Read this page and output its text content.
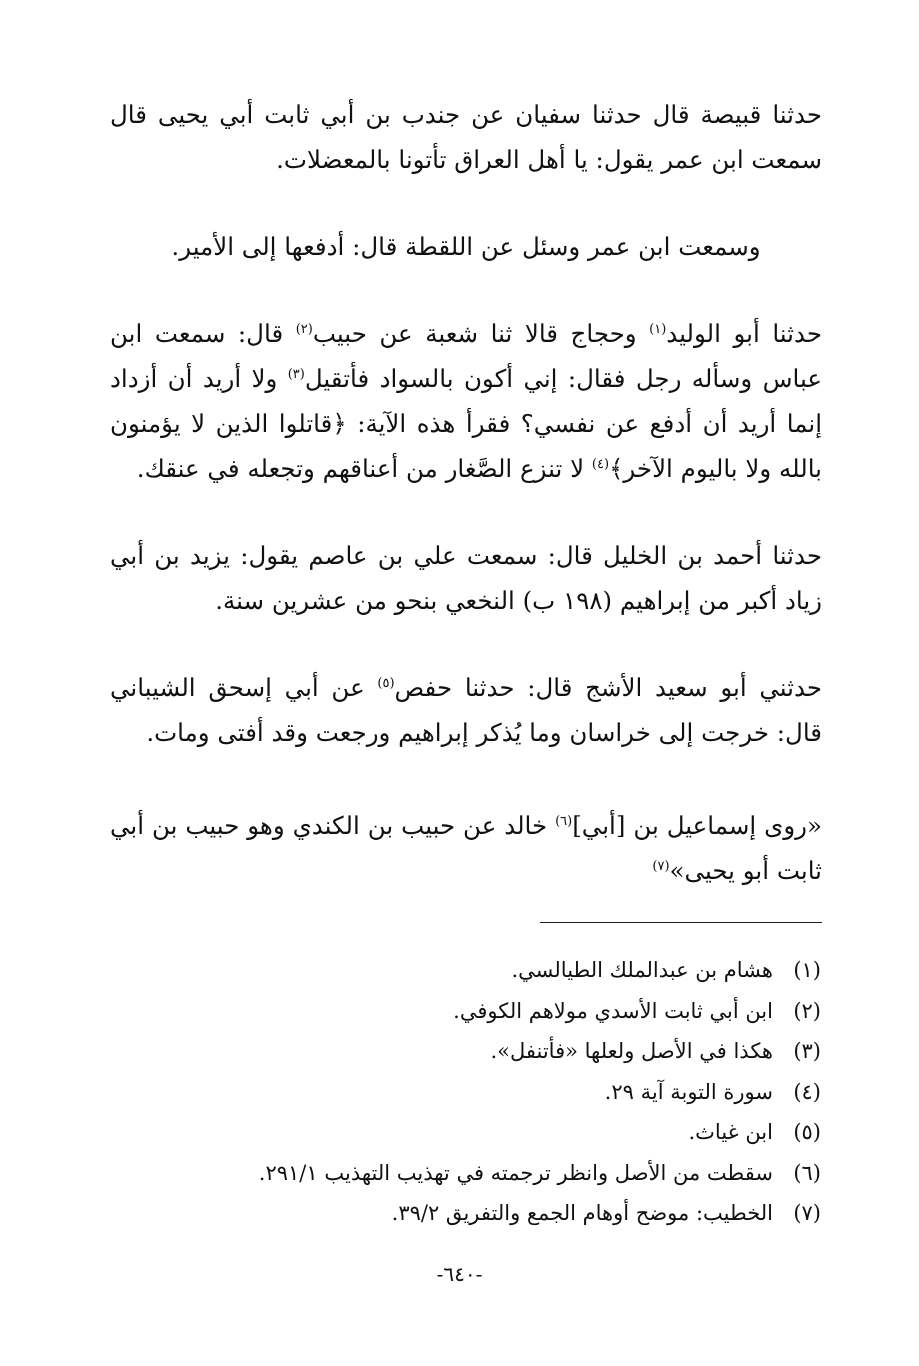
حدثنا قبيصة قال حدثنا سفيان عن جندب بن أبي ثابت أبي يحيى قال سمعت ابن عمر يقول: يا أهل العراق تأتونا بالمعضلات.

وسمعت ابن عمر وسئل عن اللقطة قال: أدفعها إلى الأمير.

حدثنا أبو الوليد$^{(١)}$ وحجاج قالا ثنا شعبة عن حبيب$^{(٢)}$ قال: سمعت ابن عباس وسأله رجل فقال: إني أكون بالسواد فأتقيل$^{(٣)}$ ولا أريد أن أزداد إنما أريد أن أدفع عن نفسي؟ فقرأ هذه الآية: ﴿قاتلوا الذين لا يؤمنون بالله ولا باليوم الآخر﴾$^{(٤)}$ لا تنزع الصَّغار من أعناقهم وتجعله في عنقك.

حدثنا أحمد بن الخليل قال: سمعت علي بن عاصم يقول: يزيد بن أبي زياد أكبر من إبراهيم (١٩٨ ب) النخعي بنحو من عشرين سنة.

حدثني أبو سعيد الأشج قال: حدثنا حفص$^{(٥)}$ عن أبي إسحق الشيباني قال: خرجت إلى خراسان وما يُذكر إبراهيم ورجعت وقد أفتى ومات.

«روى إسماعيل بن [أبي]$^{(٦)}$ خالد عن حبيب بن الكندي وهو حبيب بن أبي ثابت أبو يحيى»$^{(٧)}$

(١)هشام بن عبدالملك الطيالسي.
(٢)ابن أبي ثابت الأسدي مولاهم الكوفي.
(٣)هكذا في الأصل ولعلها «فأتنفل».
(٤)سورة التوبة آية ٢٩.
(٥)ابن غياث.
(٦)سقطت من الأصل وانظر ترجمته في تهذيب التهذيب ٢٩١/١.
(٧)الخطيب: موضح أوهام الجمع والتفريق ٣٩/٢.
-٦٤٠-
